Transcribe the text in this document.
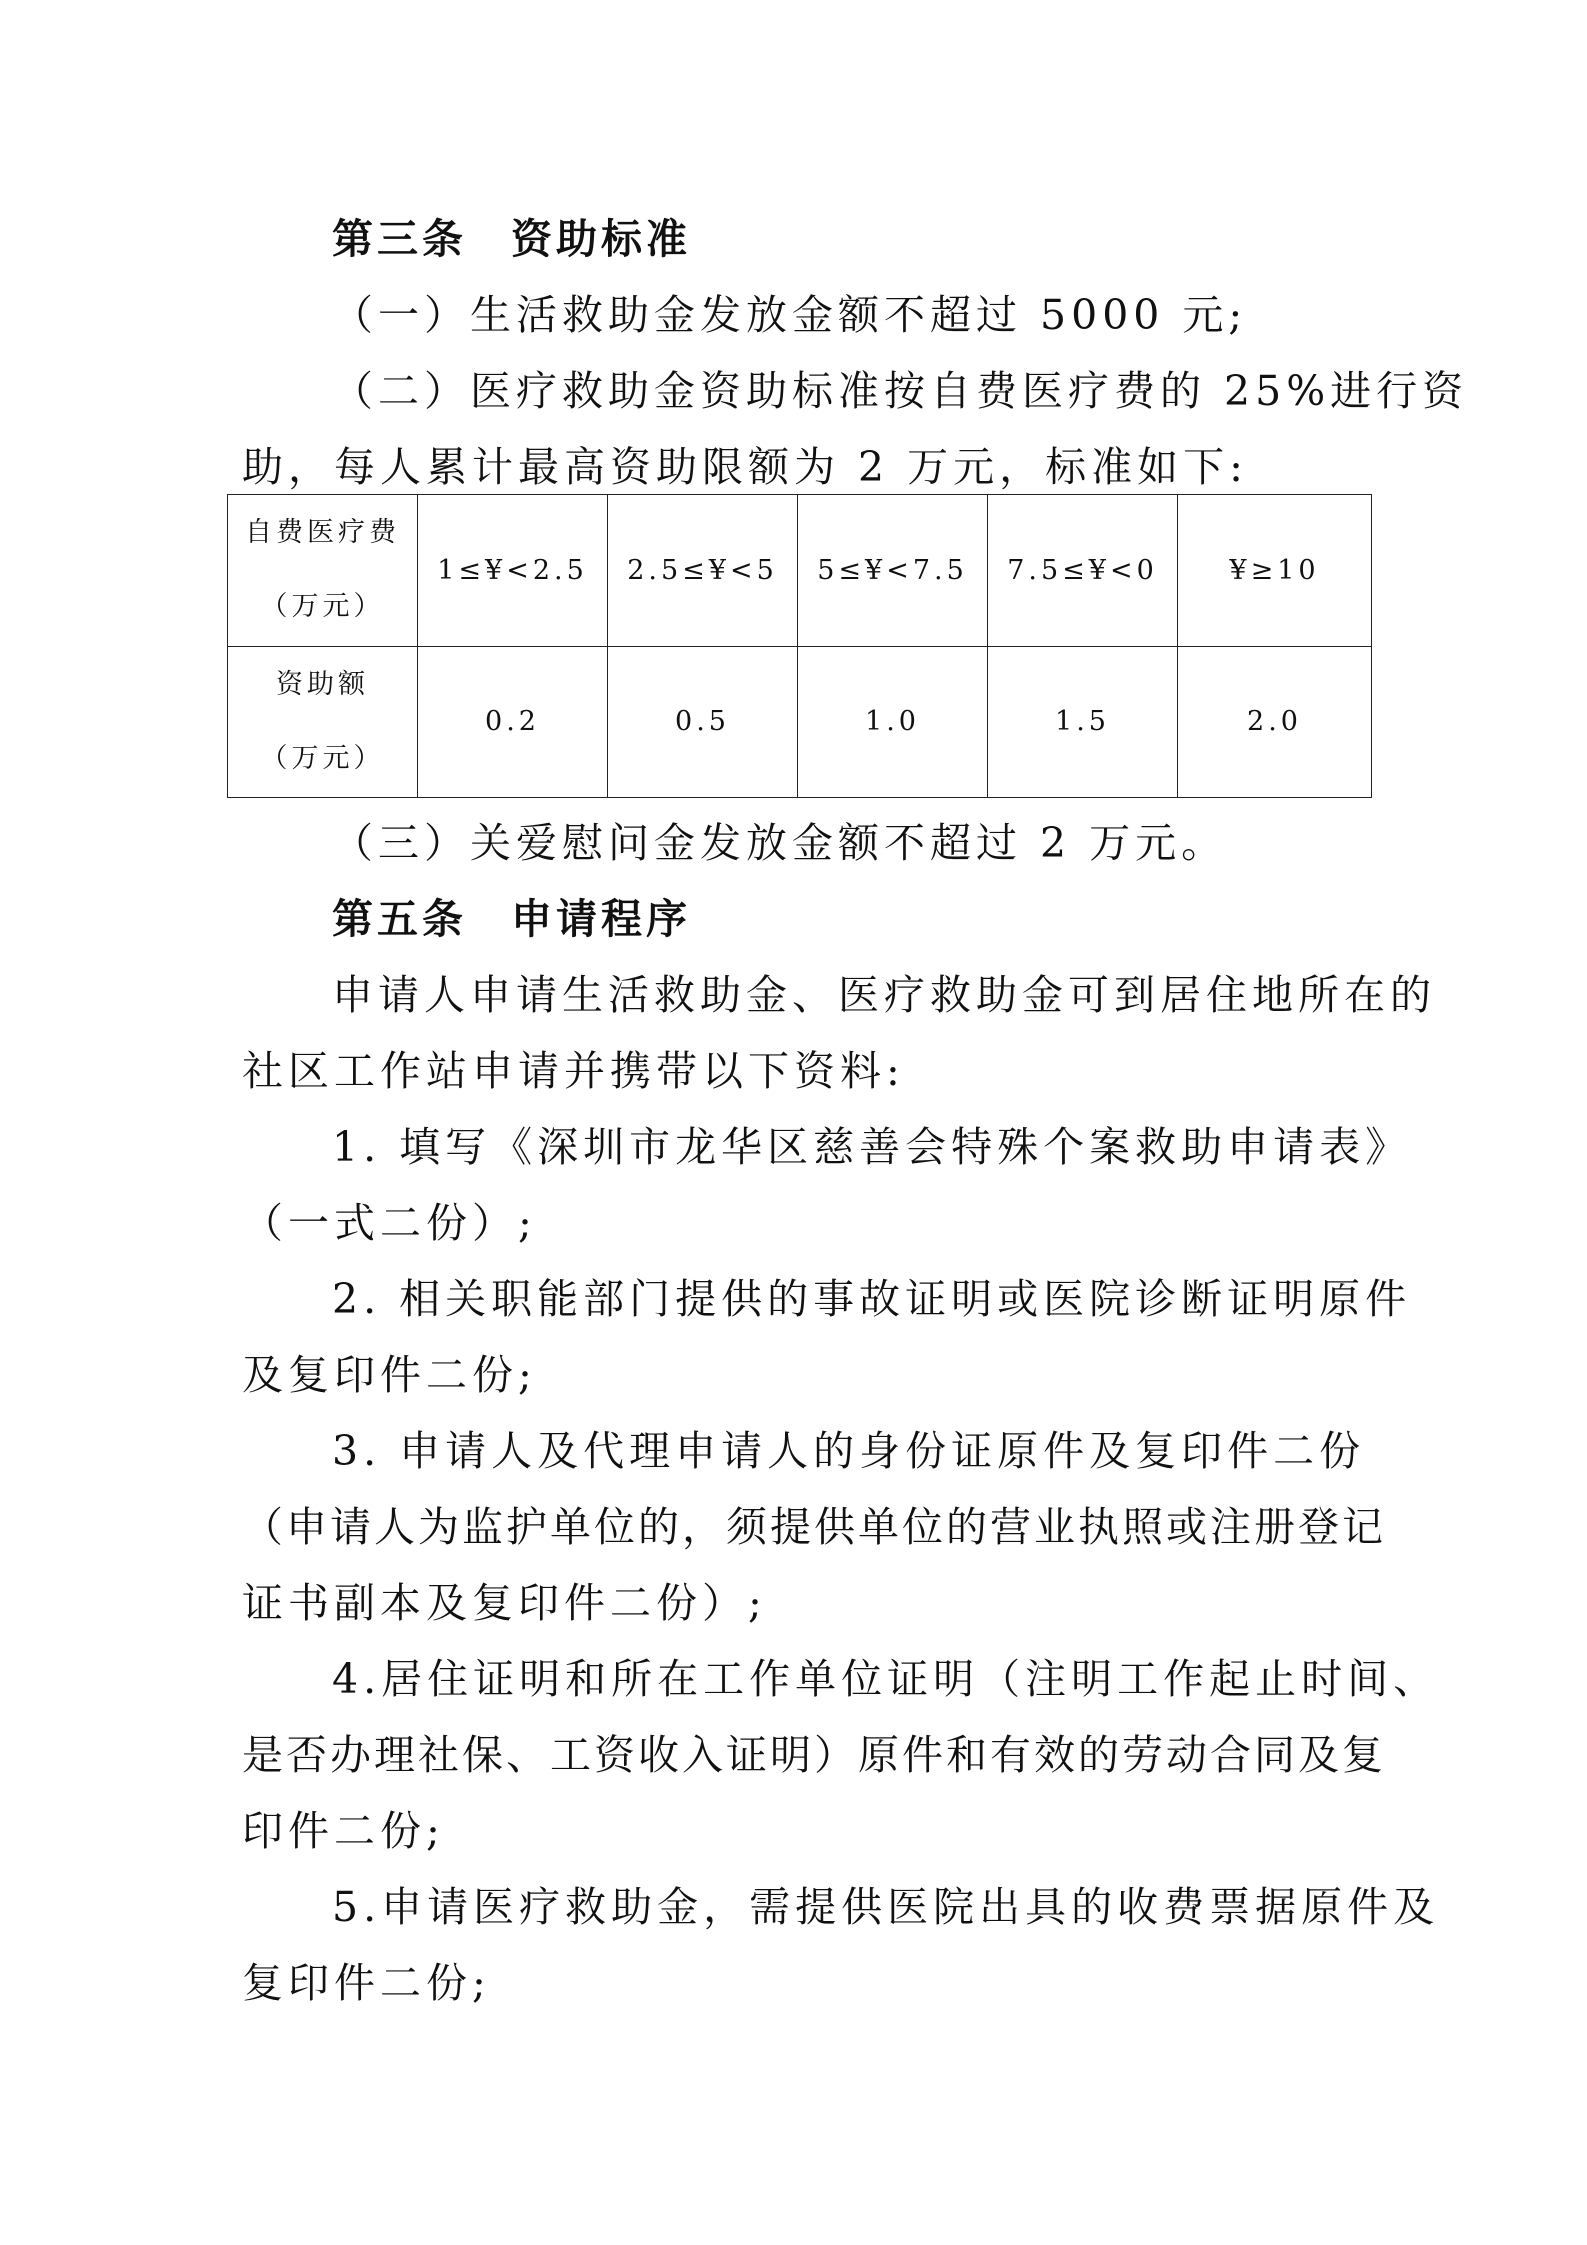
第三条 资助标准
（一）生活救助金发放金额不超过 5000 元;
（二）医疗救助金资助标准按自费医疗费的 25%进行资
助，每人累计最高资助限额为 2 万元，标准如下:
自费医疗费
（万元）	1≤¥<2.5	2.5≤¥<5	5≤¥<7.5	7.5≤¥<0	¥≥10

资助额
（万元）	0.2	0.5	1.0	1.5	2.0
（三）关爱慰问金发放金额不超过 2 万元。
第五条 申请程序
申请人申请生活救助金、医疗救助金可到居住地所在的
社区工作站申请并携带以下资料:
1. 填写《深圳市龙华区慈善会特殊个案救助申请表》
（一式二份）;
2. 相关职能部门提供的事故证明或医院诊断证明原件
及复印件二份;
3. 申请人及代理申请人的身份证原件及复印件二份
（申请人为监护单位的，须提供单位的营业执照或注册登记
证书副本及复印件二份）;
4.居住证明和所在工作单位证明（注明工作起止时间、
是否办理社保、工资收入证明）原件和有效的劳动合同及复
印件二份;
5.申请医疗救助金，需提供医院出具的收费票据原件及
复印件二份;
